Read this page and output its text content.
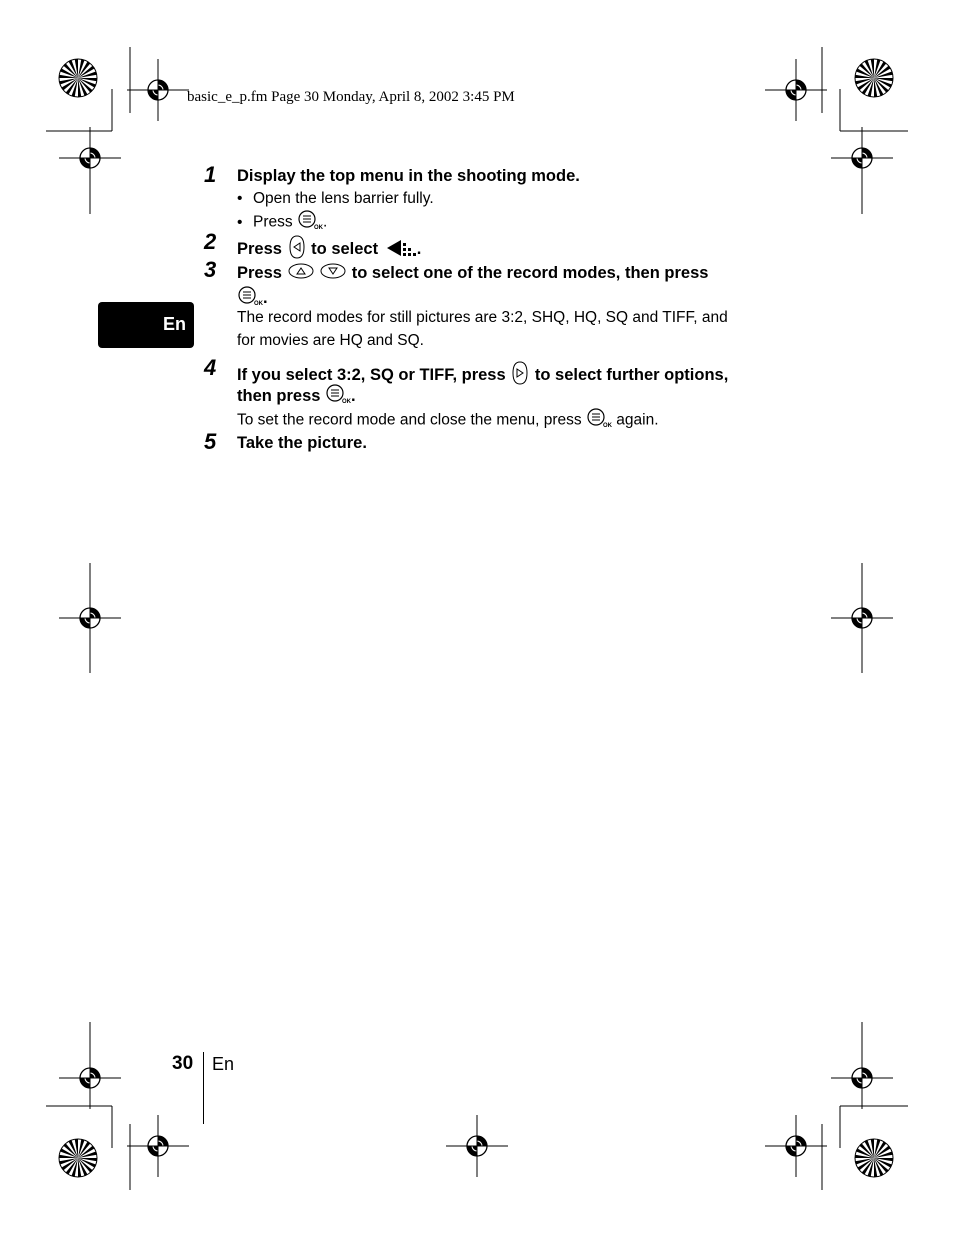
basic_e_p.fm Page 30 Monday, April 8, 2002 3:45 PM
En
1 Display the top menu in the shooting mode.
• Open the lens barrier fully.
• Press	OK .
2 Press to select .
3 Press	to select one of the record modes, then press
OK .
The record modes for still pictures are 3:2, SHQ, HQ, SQ and TIFF, and
for movies are HQ and SQ.
4 If you select 3:2, SQ or TIFF, press to select further options,
then press	OK .
To set the record mode and close the menu, press	OK again.
5 Take the picture.
30 En
